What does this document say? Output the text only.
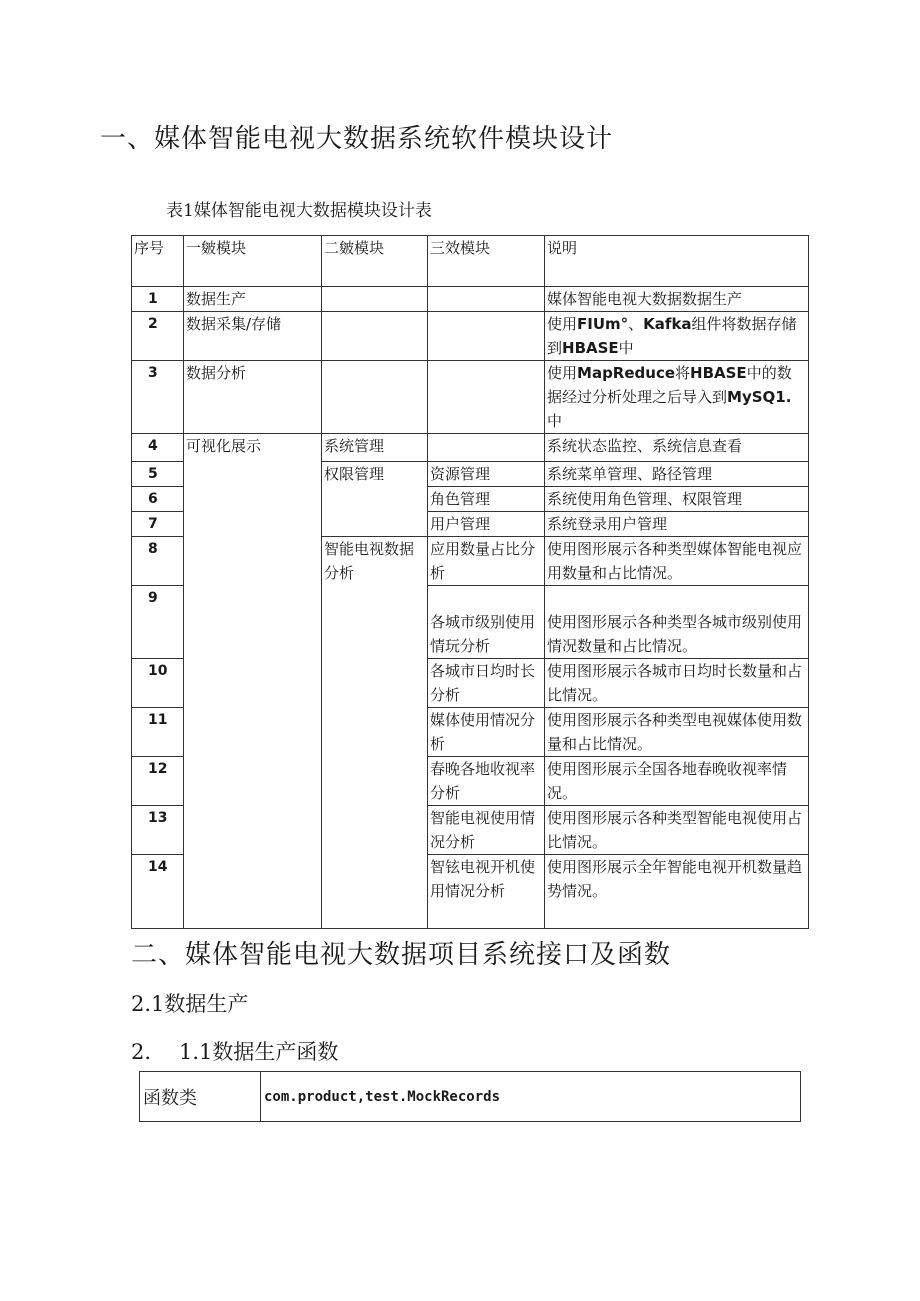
一、媒体智能电视大数据系统软件模块设计
表1媒体智能电视大数据模块设计表
序号	一皴模块	二皴模块	三效模块	说明
1	数据生产			媒体智能电视大数据数据生产
2	数据采集/存储			使用FIUm°、Kafka组件将数据存储到HBASE中
3	数据分析			使用MapReduce将HBASE中的数据经过分析处理之后导入到MySQ1.中
4	可视化展示	系统管理		系统状态监控、系统信息查看
5		权限管理	资源管理	系统菜单管理、路径管理
6			角色管理	系统使用角色管理、权限管理
7			用户管理	系统登录用户管理
8		智能电视数据分析	应用数量占比分析	使用图形展示各种类型媒体智能电视应用数量和占比情况。
9			各城市级别使用情玩分析	使用图形展示各种类型各城市级别使用情况数量和占比情况。
10			各城市日均时长分析	使用图形展示各城市日均时长数量和占比情况。
11			媒体使用情况分析	使用图形展示各种类型电视媒体使用数量和占比情况。
12			春晚各地收视率分析	使用图形展示全国各地春晚收视率情况。
13			智能电视使用情况分析	使用图形展示各种类型智能电视使用占比情况。
14			智铉电视开机使用情况分析	使用图形展示全年智能电视开机数量趋势情况。
二、媒体智能电视大数据项目系统接口及函数
2.1数据生产
2. 1.1数据生产函数
函数类	com.product,test.MockRecords
